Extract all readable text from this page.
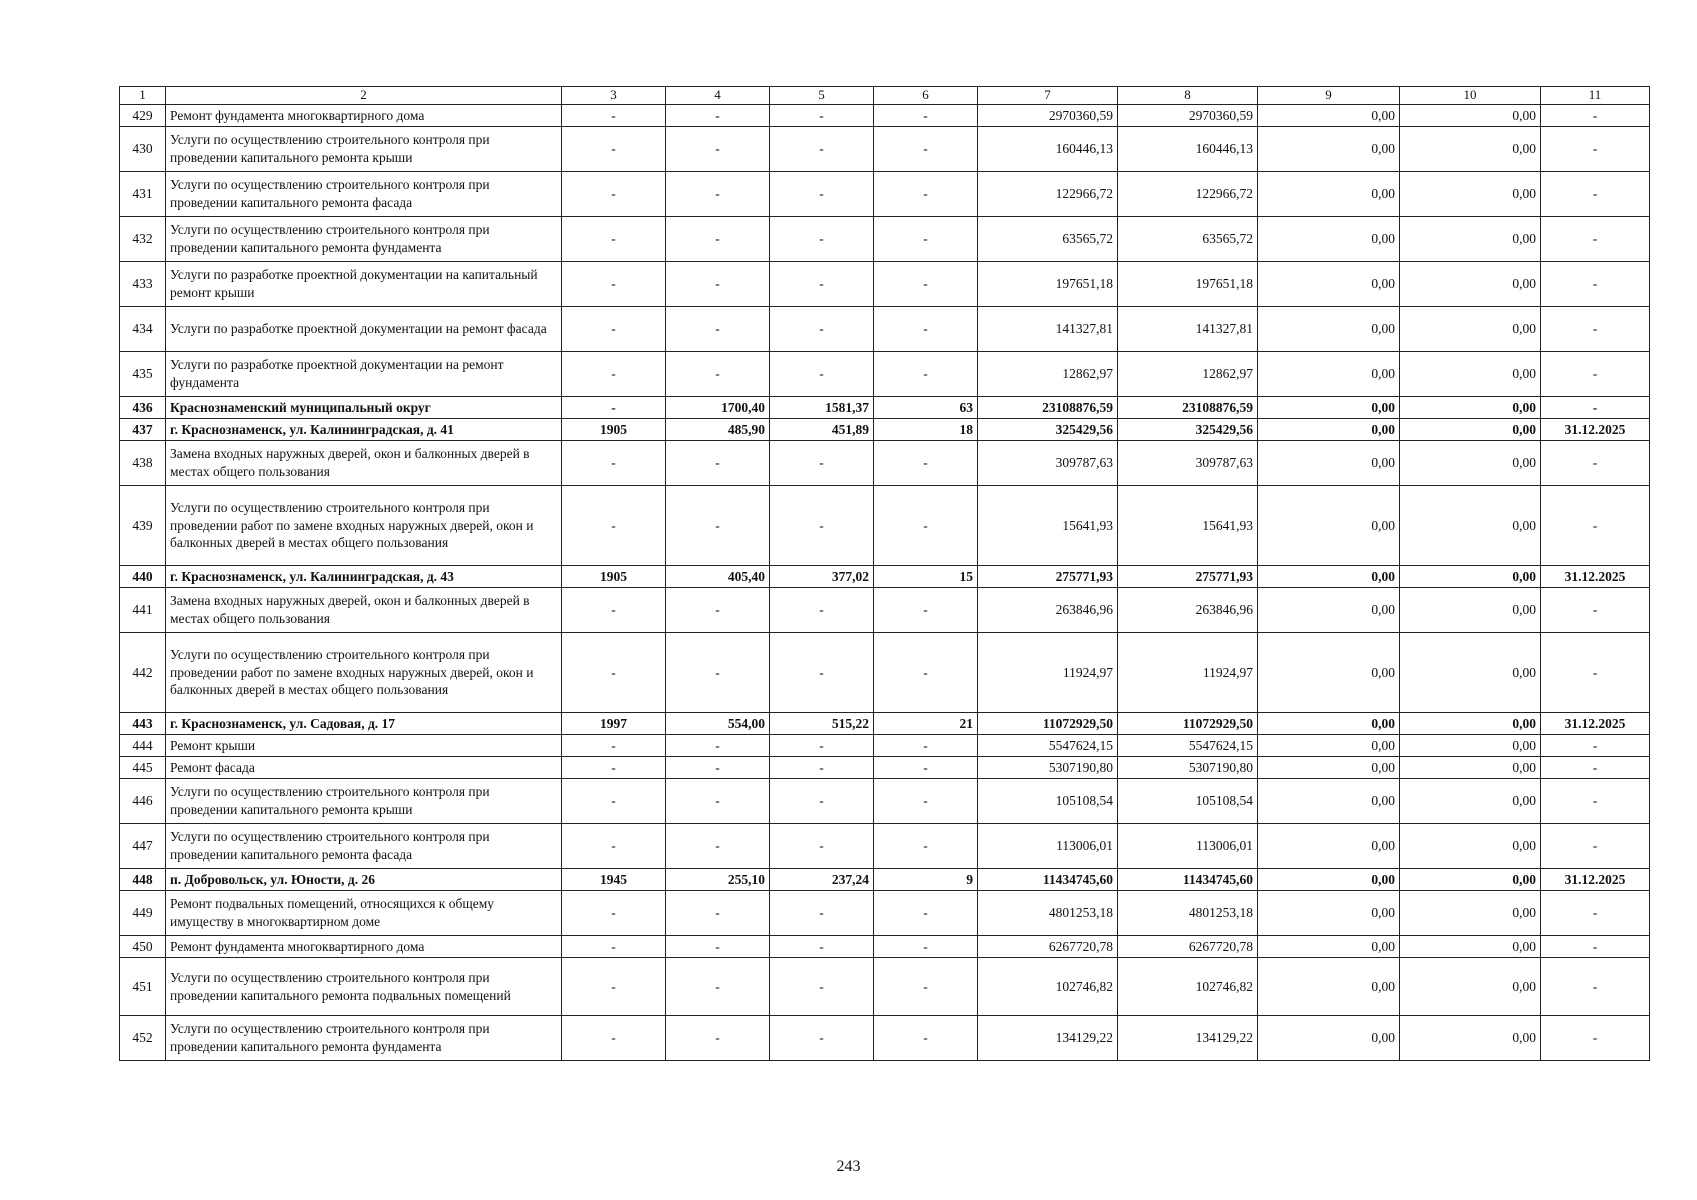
1	2	3	4	5	6	7	8	9	10	11
429	Ремонт фундамента многоквартирного дома	-	-	-	-	2970360,59	2970360,59	0,00	0,00	-
430	Услуги по осуществлению строительного контроля при проведении капитального ремонта крыши	-	-	-	-	160446,13	160446,13	0,00	0,00	-
431	Услуги по осуществлению строительного контроля при проведении капитального ремонта фасада	-	-	-	-	122966,72	122966,72	0,00	0,00	-
432	Услуги по осуществлению строительного контроля при проведении капитального ремонта фундамента	-	-	-	-	63565,72	63565,72	0,00	0,00	-
433	Услуги по разработке проектной документации на капитальный ремонт крыши	-	-	-	-	197651,18	197651,18	0,00	0,00	-
434	Услуги по разработке проектной документации на ремонт фасада	-	-	-	-	141327,81	141327,81	0,00	0,00	-
435	Услуги по разработке проектной документации на ремонт фундамента	-	-	-	-	12862,97	12862,97	0,00	0,00	-
436	Краснознаменский муниципальный округ	-	1700,40	1581,37	63	23108876,59	23108876,59	0,00	0,00	-
437	г. Краснознаменск, ул. Калининградская, д. 41	1905	485,90	451,89	18	325429,56	325429,56	0,00	0,00	31.12.2025
438	Замена входных наружных дверей, окон и балконных дверей в местах общего пользования	-	-	-	-	309787,63	309787,63	0,00	0,00	-
439	Услуги по осуществлению строительного контроля при проведении работ по замене входных наружных дверей, окон и балконных дверей в местах общего пользования	-	-	-	-	15641,93	15641,93	0,00	0,00	-
440	г. Краснознаменск, ул. Калининградская, д. 43	1905	405,40	377,02	15	275771,93	275771,93	0,00	0,00	31.12.2025
441	Замена входных наружных дверей, окон и балконных дверей в местах общего пользования	-	-	-	-	263846,96	263846,96	0,00	0,00	-
442	Услуги по осуществлению строительного контроля при проведении работ по замене входных наружных дверей, окон и балконных дверей в местах общего пользования	-	-	-	-	11924,97	11924,97	0,00	0,00	-
443	г. Краснознаменск, ул. Садовая, д. 17	1997	554,00	515,22	21	11072929,50	11072929,50	0,00	0,00	31.12.2025
444	Ремонт крыши	-	-	-	-	5547624,15	5547624,15	0,00	0,00	-
445	Ремонт фасада	-	-	-	-	5307190,80	5307190,80	0,00	0,00	-
446	Услуги по осуществлению строительного контроля при проведении капитального ремонта крыши	-	-	-	-	105108,54	105108,54	0,00	0,00	-
447	Услуги по осуществлению строительного контроля при проведении капитального ремонта фасада	-	-	-	-	113006,01	113006,01	0,00	0,00	-
448	п. Добровольск, ул. Юности, д. 26	1945	255,10	237,24	9	11434745,60	11434745,60	0,00	0,00	31.12.2025
449	Ремонт подвальных помещений, относящихся к общему имуществу в многоквартирном доме	-	-	-	-	4801253,18	4801253,18	0,00	0,00	-
450	Ремонт фундамента многоквартирного дома	-	-	-	-	6267720,78	6267720,78	0,00	0,00	-
451	Услуги по осуществлению строительного контроля при проведении капитального ремонта подвальных помещений	-	-	-	-	102746,82	102746,82	0,00	0,00	-
452	Услуги по осуществлению строительного контроля при проведении капитального ремонта фундамента	-	-	-	-	134129,22	134129,22	0,00	0,00	-
243
